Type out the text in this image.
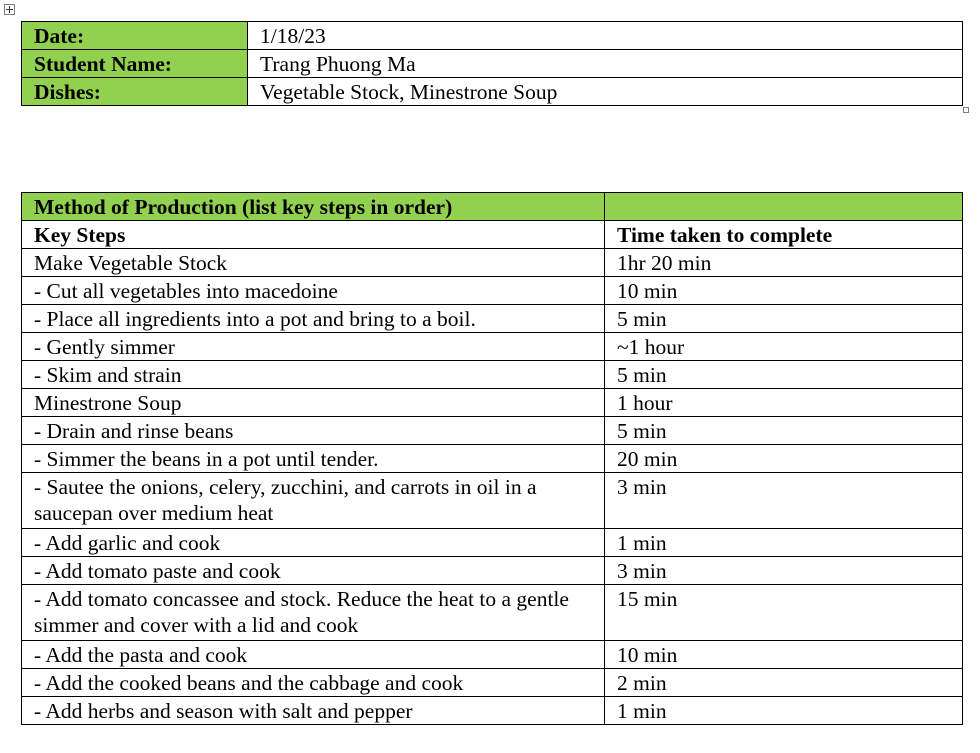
Date:	1/18/23
Student Name:	Trang Phuong Ma
Dishes:	Vegetable Stock, Minestrone Soup
Method of Production (list key steps in order)	
Key Steps	Time taken to complete
Make Vegetable Stock	1hr 20 min
- Cut all vegetables into macedoine	10 min
- Place all ingredients into a pot and bring to a boil.	5 min
- Gently simmer	~1 hour
- Skim and strain	5 min
Minestrone Soup	1 hour
- Drain and rinse beans	5 min
- Simmer the beans in a pot until tender.	20 min
- Sautee the onions, celery, zucchini, and carrots in oil in a saucepan over medium heat	3 min
- Add garlic and cook	1 min
- Add tomato paste and cook	3 min
- Add tomato concassee and stock. Reduce the heat to a gentle simmer and cover with a lid and cook	15 min
- Add the pasta and cook	10 min
- Add the cooked beans and the cabbage and cook	2 min
- Add herbs and season with salt and pepper	1 min
